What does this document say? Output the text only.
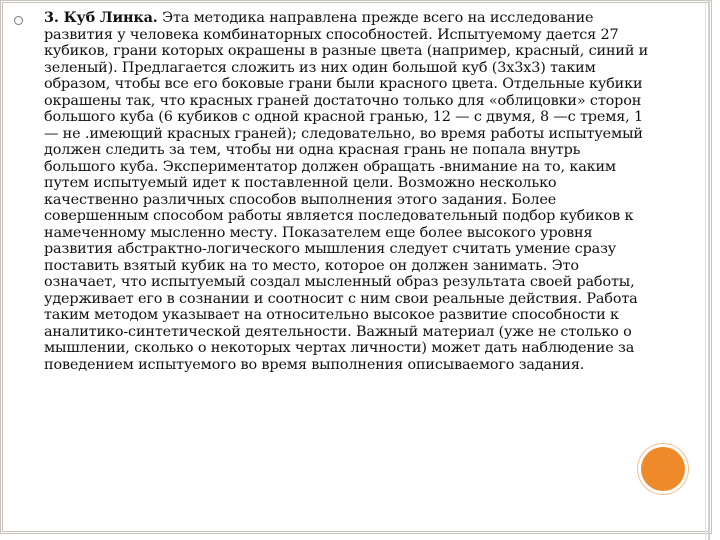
3. Куб Линка. Эта методика направлена прежде всего на исследование развития у человека комбинаторных способностей. Испытуемому дается 27 кубиков, грани которых окрашены в разные цвета (например, красный, синий и зеленый). Предлагается сложить из них один большой куб (3х3х3) таким образом, чтобы все его боковые грани были красного цвета. Отдельные кубики окрашены так, что красных граней достаточно только для «облицовки» сторон большого куба (6 кубиков с одной красной гранью, 12 — с двумя, 8 —с тремя, 1 — не .имеющий красных граней); следовательно, во время работы испытуемый должен следить за тем, чтобы ни одна красная грань не попала внутрь большого куба. Экспериментатор должен обращать -внимание на то, каким путем испытуемый идет к поставленной цели. Возможно несколько качественно различных способов выполнения этого задания. Более совершенным способом работы является последовательный подбор кубиков к намеченному мысленно месту. Показателем еще более высокого уровня развития абстрактно-логического мышления следует считать умение сразу поставить взятый кубик на то место, которое он должен занимать. Это означает, что испытуемый создал мысленный образ результата своей работы, удерживает его в сознании и соотносит с ним свои реальные действия. Работа таким методом указывает на относительно высокое развитие способности к аналитико-синтетической деятельности. Важный материал (уже не столько о мышлении, сколько о некоторых чертах личности) может дать наблюдение за поведением испытуемого во время выполнения описываемого задания.
